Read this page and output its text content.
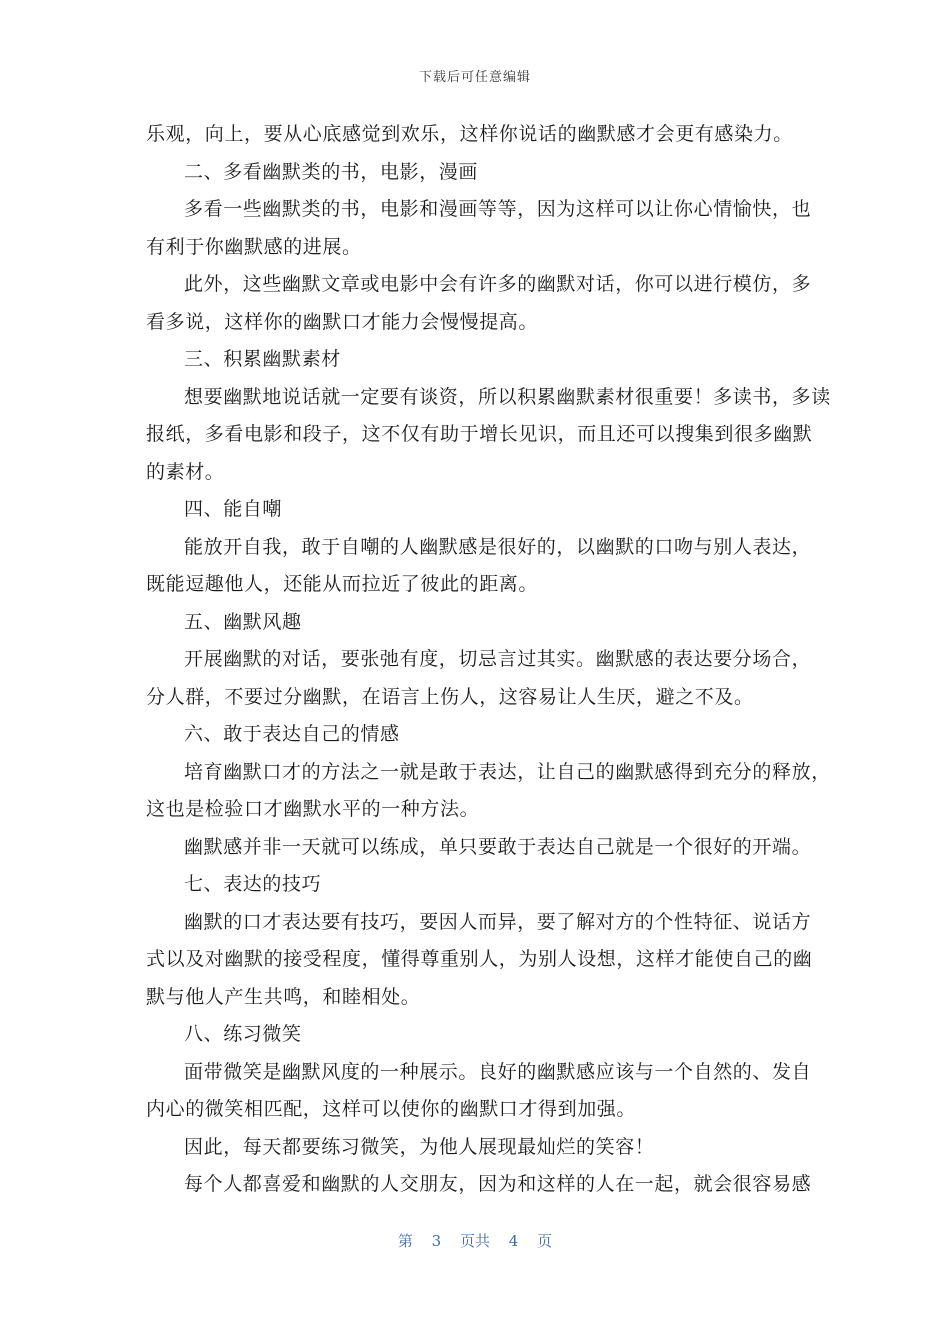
下载后可任意编辑
乐观，向上，要从心底感觉到欢乐，这样你说话的幽默感才会更有感染力。
二、多看幽默类的书，电影，漫画
多看一些幽默类的书，电影和漫画等等，因为这样可以让你心情愉快，也
有利于你幽默感的进展。
此外，这些幽默文章或电影中会有许多的幽默对话，你可以进行模仿，多
看多说，这样你的幽默口才能力会慢慢提高。
三、积累幽默素材
想要幽默地说话就一定要有谈资，所以积累幽默素材很重要！多读书，多读
报纸，多看电影和段子，这不仅有助于增长见识，而且还可以搜集到很多幽默
的素材。
四、能自嘲
能放开自我，敢于自嘲的人幽默感是很好的，以幽默的口吻与别人表达，
既能逗趣他人，还能从而拉近了彼此的距离。
五、幽默风趣
开展幽默的对话，要张弛有度，切忌言过其实。幽默感的表达要分场合，
分人群，不要过分幽默，在语言上伤人，这容易让人生厌，避之不及。
六、敢于表达自己的情感
培育幽默口才的方法之一就是敢于表达，让自己的幽默感得到充分的释放，
这也是检验口才幽默水平的一种方法。
幽默感并非一天就可以练成，单只要敢于表达自己就是一个很好的开端。
七、表达的技巧
幽默的口才表达要有技巧，要因人而异，要了解对方的个性特征、说话方
式以及对幽默的接受程度，懂得尊重别人，为别人设想，这样才能使自己的幽
默与他人产生共鸣，和睦相处。
八、练习微笑
面带微笑是幽默风度的一种展示。良好的幽默感应该与一个自然的、发自
内心的微笑相匹配，这样可以使你的幽默口才得到加强。
因此，每天都要练习微笑，为他人展现最灿烂的笑容！
每个人都喜爱和幽默的人交朋友，因为和这样的人在一起，就会很容易感
第 3 页共 4 页
